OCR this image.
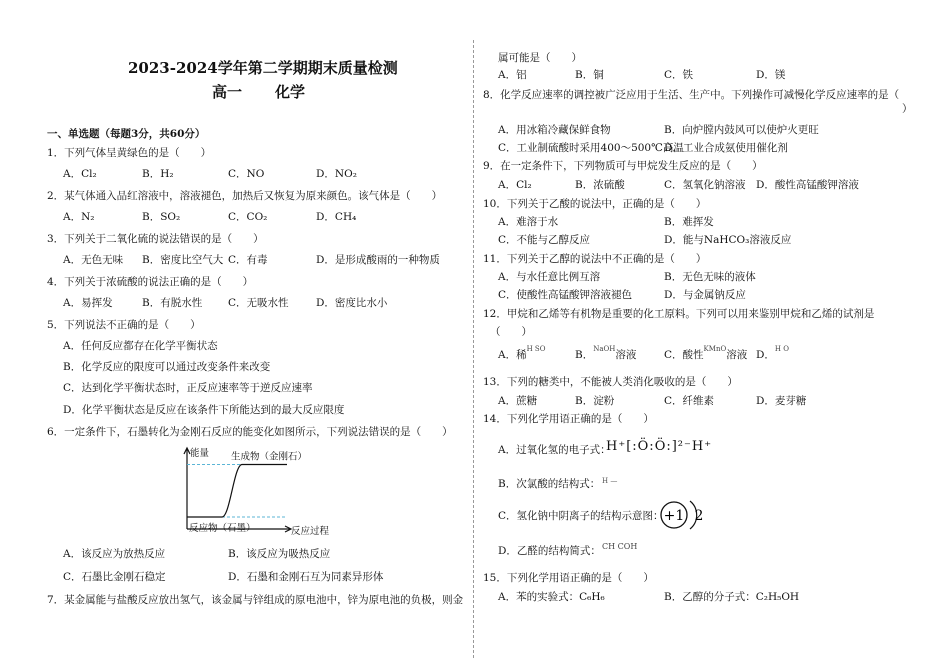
2023-2024学年第二学期期末质量检测
高一 化学
一、单选题（每题3分，共60分）
1．下列气体呈黄绿色的是（　　）
A．Cl₂	B．H₂	C．NO	D．NO₂
2．某气体通入品红溶液中，溶液褪色，加热后又恢复为原来颜色。该气体是（　　）
A．N₂	B．SO₂	C．CO₂	D．CH₄
3．下列关于二氧化硫的说法错误的是（　　）
A．无色无味 B．密度比空气大 C．有毒	D．是形成酸雨的一种物质
4．下列关于浓硫酸的说法正确的是（　　）
A．易挥发	B．有脱水性 C．无吸水性	D．密度比水小
5．下列说法不正确的是（　　）
A．任何反应都存在化学平衡状态
B．化学反应的限度可以通过改变条件来改变
C．达到化学平衡状态时，正反应速率等于逆反应速率
D．化学平衡状态是反应在该条件下所能达到的最大反应限度
6．一定条件下，石墨转化为金刚石反应的能变化如图所示，下列说法错误的是（　　）
能量 生成物（金刚石）
反应物（石墨）	反应过程
A．该反应为放热反应	B．该反应为吸热反应
C．石墨比金刚石稳定	D．石墨和金刚石互为同素异形体
7．某金属能与盐酸反应放出氢气，该金属与锌组成的原电池中，锌为原电池的负极，则金
属可能是（　　）
A．铝	B．铜	C．铁	D．镁
8．化学反应速率的调控被广泛应用于生活、生产中。下列操作可减慢化学反应速率的是（
）
A．用冰箱冷藏保鲜食物	B．向炉膛内鼓风可以使炉火更旺
C．工业制硫酸时采用400～500℃高温
D．工业合成氨使用催化剂
9．在一定条件下，下列物质可与甲烷发生反应的是（　　）
A．Cl₂	B．浓硫酸	C．氢氧化钠溶液 D．酸性高锰酸钾溶液
10．下列关于乙酸的说法中，正确的是（　　）
A．难溶于水	B．难挥发
C．不能与乙醇反应	D．能与NaHCO₃溶液反应
11．下列关于乙醇的说法中不正确的是（　　）
A．与水任意比例互溶	B．无色无味的液体
C．使酸性高锰酸钾溶液褪色	D．与金属钠反应
12．甲烷和乙烯等有机物是重要的化工原料。下列可以用来鉴别甲烷和乙烯的试剂是
（　　）
A．稀$^{H SO}$	B．$^{NaOH}$溶液	C．酸性$^{KMnO}$溶液 D．$^{H O}$
13．下列的糖类中，不能被人类消化吸收的是（　　）
A．蔗糖	B．淀粉	C．纤维素	D．麦芽糖
14．下列化学用语正确的是（　　）
A．过氧化氢的电子式：
H⁺[:Ö:Ö:]²⁻H⁺
B．次氯酸的结构式： H —
C．氢化钠中阴离子的结构示意图： +1 2
D．乙醛的结构简式： CH COH
15．下列化学用语正确的是（　　）
A．苯的实验式：C₆H₆	B．乙醇的分子式：C₂H₅OH
